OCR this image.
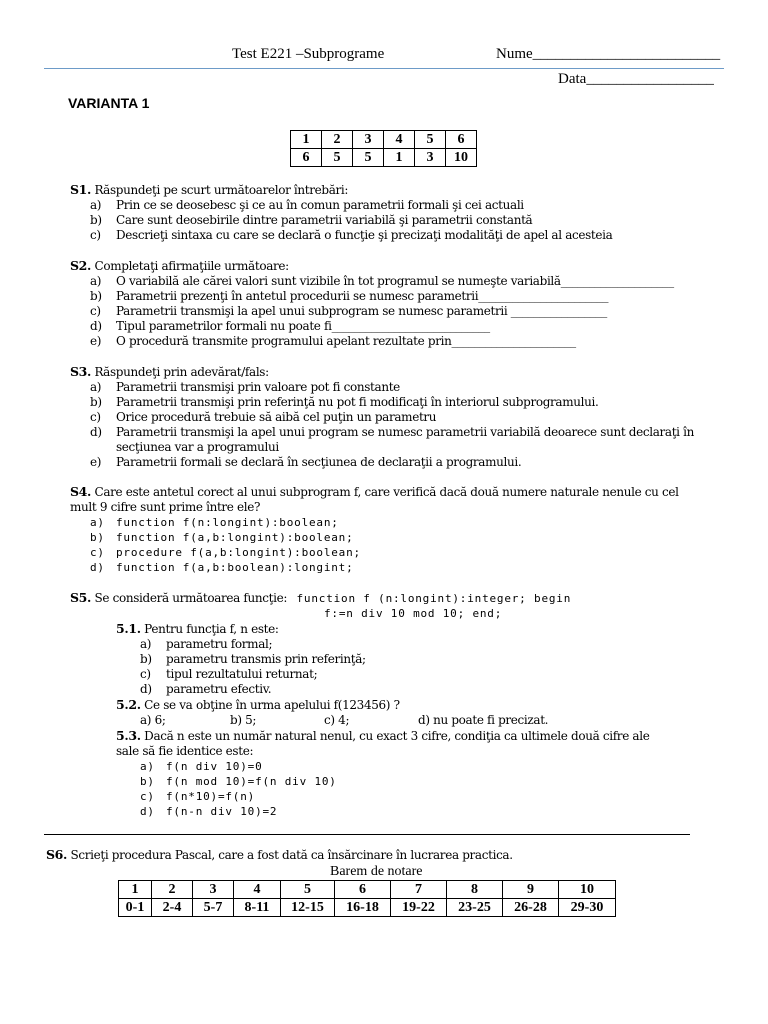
Test E221 –Subprograme	Nume_________________________
Data_________________
VARIANTA 1
1	2	3	4	5	6
6	5	5	1	3	10
S1. Răspundeţi pe scurt următoarelor întrebări:
a) Prin ce se deosebesc şi ce au în comun parametrii formali şi cei actuali
b) Care sunt deosebirile dintre parametrii variabilă şi parametrii constantă
c) Descrieţi sintaxa cu care se declară o funcţie şi precizaţi modalităţi de apel al acesteia
S2. Completaţi afirmaţiile următoare:
a) O variabilă ale cărei valori sunt vizibile în tot programul se numeşte variabilă____________________
b) Parametrii prezenţi în antetul procedurii se numesc parametrii_______________________
c) Parametrii transmişi la apel unui subprogram se numesc parametrii _________________
d) Tipul parametrilor formali nu poate fi____________________________
e) O procedură transmite programului apelant rezultate prin______________________
S3. Răspundeţi prin adevărat/fals:
a) Parametrii transmişi prin valoare pot fi constante
b) Parametrii transmişi prin referinţă nu pot fi modificaţi în interiorul subprogramului.
c) Orice procedură trebuie să aibă cel puţin un parametru
d) Parametrii transmişi la apel unui program se numesc parametrii variabilă deoarece sunt declaraţi în secţiunea var a programului
e) Parametrii formali se declară în secţiunea de declaraţii a programului.
S4. Care este antetul corect al unui subprogram f, care verifică dacă două numere naturale nenule cu cel mult 9 cifre sunt prime între ele?
a) function f(n:longint):boolean;
b) function f(a,b:longint):boolean;
c) procedure f(a,b:longint):boolean;
d) function f(a,b:boolean):longint;
S5. Se consideră următoarea funcţie: function f (n:longint):integer; begin
f:=n div 10 mod 10; end;
5.1. Pentru funcţia f, n este:
a) parametru formal;
b) parametru transmis prin referinţă;
c) tipul rezultatului returnat;
d) parametru efectiv.
5.2. Ce se va obţine în urma apelului f(123456) ?
a) 6;	b) 5;	c) 4;	d) nu poate fi precizat.
5.3. Dacă n este un număr natural nenul, cu exact 3 cifre, condiţia ca ultimele două cifre ale sale să fie identice este:
a) f(n div 10)=0
b) f(n mod 10)=f(n div 10)
c) f(n*10)=f(n)
d) f(n-n div 10)=2
S6. Scrieţi procedura Pascal, care a fost dată ca însărcinare în lucrarea practica.
Barem de notare
1	2	3	4	5	6	7	8	9	10
0-1	2-4	5-7	8-11	12-15	16-18	19-22	23-25	26-28	29-30
